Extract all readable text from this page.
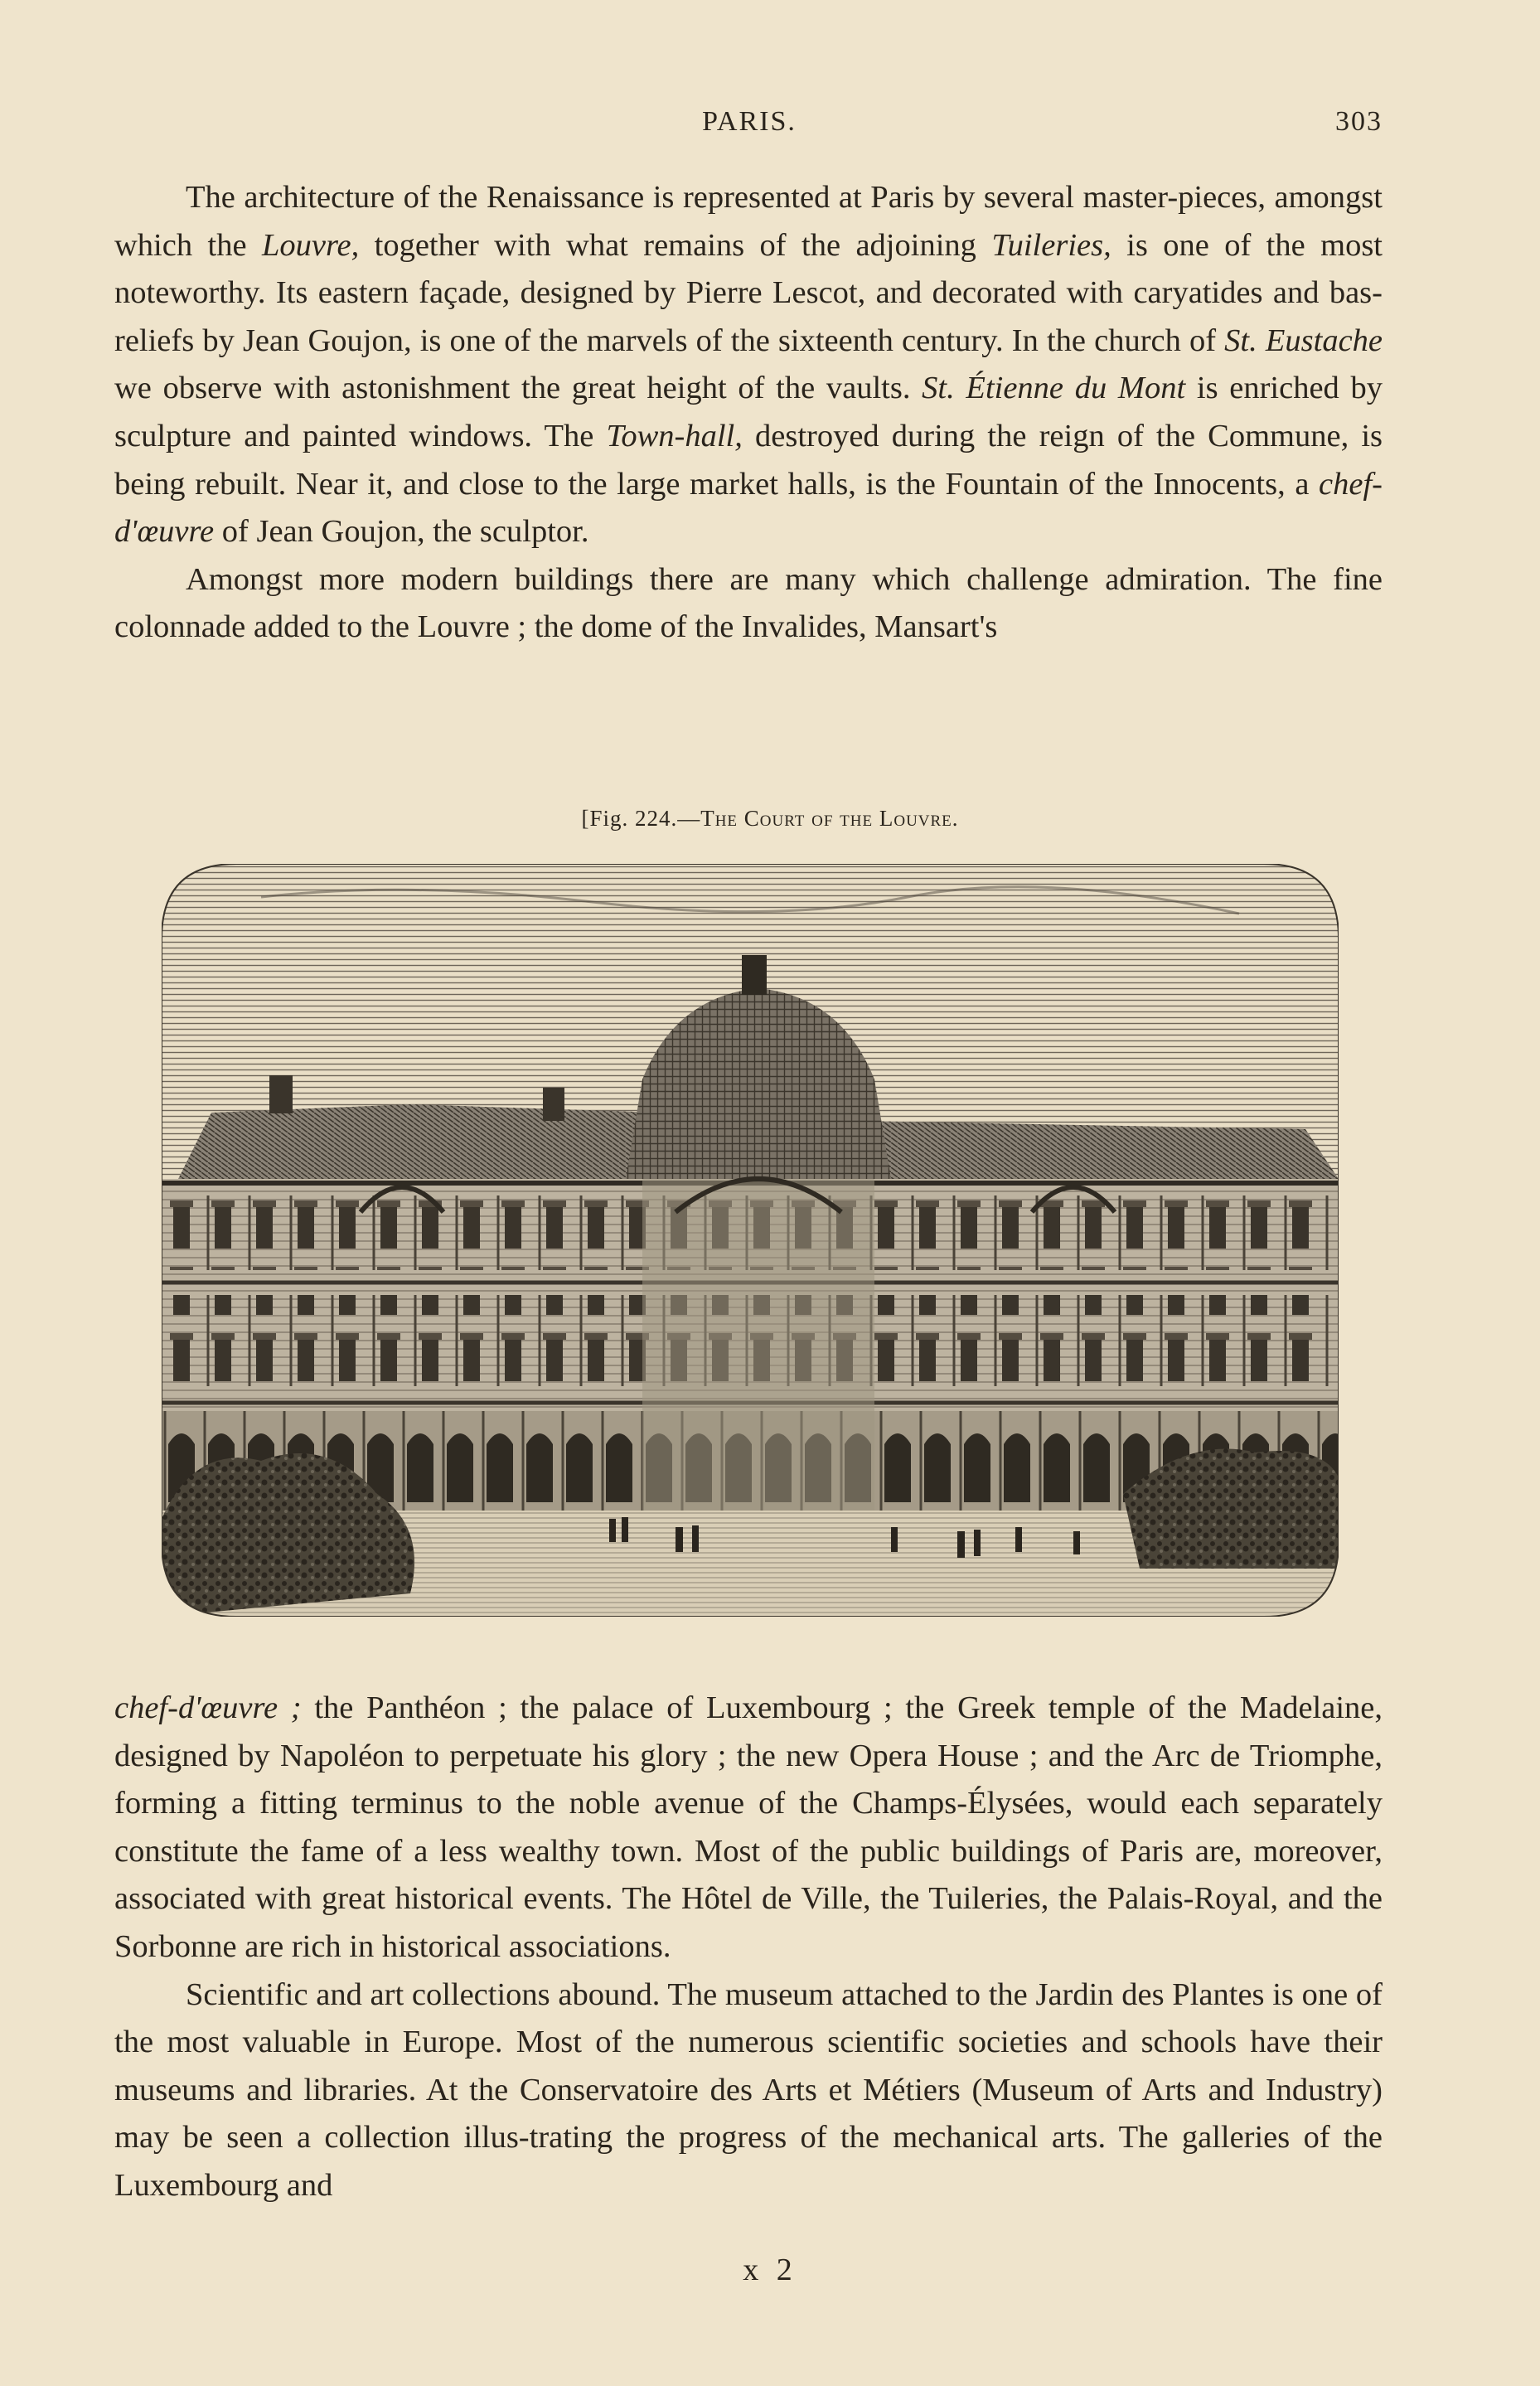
PARIS.	303

The architecture of the Renaissance is represented at Paris by several master-pieces, amongst which the Louvre, together with what remains of the adjoining Tuileries, is one of the most noteworthy. Its eastern façade, designed by Pierre Lescot, and decorated with caryatides and bas-reliefs by Jean Goujon, is one of the marvels of the sixteenth century. In the church of St. Eustache we observe with astonishment the great height of the vaults. St. Étienne du Mont is enriched by sculpture and painted windows. The Town-hall, destroyed during the reign of the Commune, is being rebuilt. Near it, and close to the large market halls, is the Fountain of the Innocents, a chef-d'œuvre of Jean Goujon, the sculptor.

Amongst more modern buildings there are many which challenge admiration. The fine colonnade added to the Louvre ; the dome of the Invalides, Mansart's

[Fig. 224.—The Court of the Louvre.

chef-d'œuvre ; the Panthéon ; the palace of Luxembourg ; the Greek temple of the Madelaine, designed by Napoléon to perpetuate his glory ; the new Opera House ; and the Arc de Triomphe, forming a fitting terminus to the noble avenue of the Champs-Élysées, would each separately constitute the fame of a less wealthy town. Most of the public buildings of Paris are, moreover, associated with great historical events. The Hôtel de Ville, the Tuileries, the Palais-Royal, and the Sorbonne are rich in historical associations.

Scientific and art collections abound. The museum attached to the Jardin des Plantes is one of the most valuable in Europe. Most of the numerous scientific societies and schools have their museums and libraries. At the Conservatoire des Arts et Métiers (Museum of Arts and Industry) may be seen a collection illus-trating the progress of the mechanical arts. The galleries of the Luxembourg and

x 2
